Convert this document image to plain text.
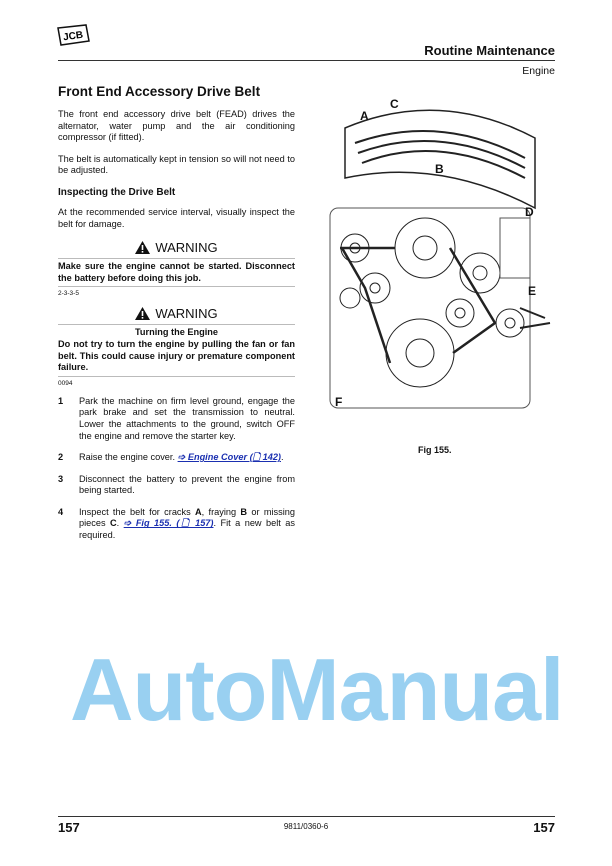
JCB
Routine Maintenance
Engine
Front End Accessory Drive Belt
The front end accessory drive belt (FEAD) drives the alternator, water pump and the air conditioning compressor (if fitted).
The belt is automatically kept in tension so will not need to be adjusted.
Inspecting the Drive Belt
At the recommended service interval, visually inspect the belt for damage.
WARNING
Make sure the engine cannot be started. Disconnect the battery before doing this job.
2-3-3-5
WARNING
Turning the Engine
Do not try to turn the engine by pulling the fan or fan belt. This could cause injury or premature component failure.
0094
1 Park the machine on firm level ground, engage the park brake and set the transmission to neutral. Lower the attachments to the ground, switch OFF the engine and remove the starter key.
2 Raise the engine cover. ➩ Engine Cover (🗋 142).
3 Disconnect the battery to prevent the engine from being started.
4 Inspect the belt for cracks A, fraying B or missing pieces C. ➩ Fig 155. (🗋 157). Fit a new belt as required.
A
C
B
D
E
F
Fig 155.
AutoManual
157	9811/0360-6	157
